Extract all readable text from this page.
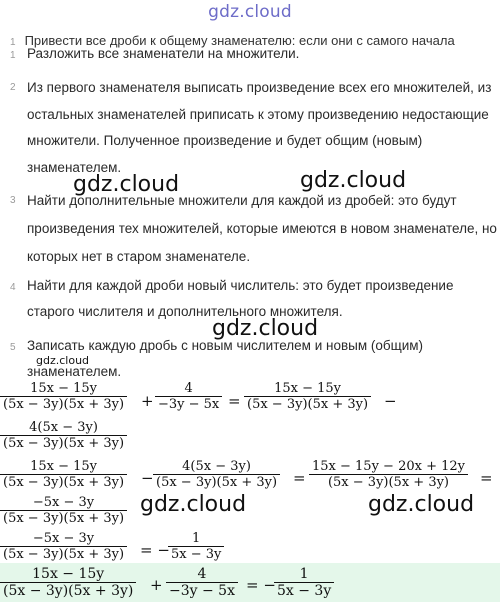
gdz.cloud
1 Привести все дроби к общему знаменателю: если они с самого начала
1 Разложить все знаменатели на множители.
2 Из первого знаменателя выписать произведение всех его множителей, из остальных знаменателей приписать к этому произведению недостающие множители. Полученное произведение и будет общим (новым) знаменателем.
3 Найти дополнительные множители для каждой из дробей: это будут произведения тех множителей, которые имеются в новом знаменателе, но которых нет в старом знаменателе.
4 Найти для каждой дроби новый числитель: это будет произведение старого числителя и дополнительного множителя.
5 Записать каждую дробь с новым числителем и новым (общим) знаменателем.
gdz.cloud	gdz.cloud
gdz.cloud
gdz.cloud
gdz.cloud	gdz.cloud
$\frac{15x - 15y}{(5x - 3y)(5x + 3y)} + \frac{4}{-3y - 5x} = \frac{15x - 15y}{(5x - 3y)(5x + 3y)}$ −
$\frac{4(5x - 3y)}{(5x - 3y)(5x + 3y)}$
$\frac{15x - 15y}{(5x - 3y)(5x + 3y)} - \frac{4(5x - 3y)}{(5x - 3y)(5x + 3y)} = \frac{15x - 15y - 20x + 12y}{(5x - 3y)(5x + 3y)}$ =
$\frac{-5x - 3y}{(5x - 3y)(5x + 3y)}$
$\frac{-5x - 3y}{(5x - 3y)(5x + 3y)}$ = −
$\frac{1}{5x - 3y}$
$\frac{15x - 15y}{(5x - 3y)(5x + 3y)} + \frac{4}{-3y - 5x}$ = −
$\frac{1}{5x - 3y}$
